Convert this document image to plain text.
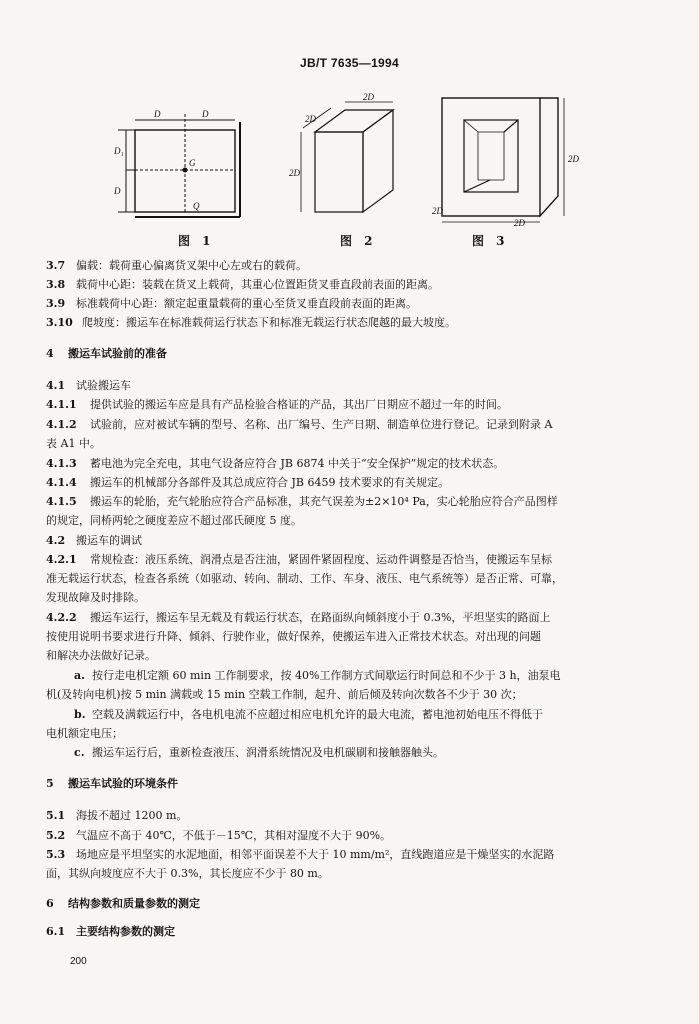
JB/T 7635—1994
D	D
D₁
D
G
Q
2D
2D
2D
2D
2D
2D
图 1	图 2	图 3
3.7 偏载：载荷重心偏离货叉架中心左或右的载荷。
3.8 载荷中心距：装载在货叉上载荷，其重心位置距货叉垂直段前表面的距离。
3.9 标准载荷中心距：额定起重量载荷的重心至货叉垂直段前表面的距离。
3.10 爬坡度：搬运车在标准载荷运行状态下和标准无载运行状态爬越的最大坡度。
4 搬运车试验前的准备
4.1 试验搬运车
4.1.1 提供试验的搬运车应是具有产品检验合格证的产品，其出厂日期应不超过一年的时间。
4.1.2 试验前，应对被试车辆的型号、名称、出厂编号、生产日期、制造单位进行登记。记录到附录 A
表 A1 中。
4.1.3 蓄电池为完全充电，其电气设备应符合 JB 6874 中关于“安全保护”规定的技术状态。
4.1.4 搬运车的机械部分各部件及其总成应符合 JB 6459 技术要求的有关规定。
4.1.5 搬运车的轮胎，充气轮胎应符合产品标准，其充气误差为±2×10⁴ Pa，实心轮胎应符合产品图样
的规定，同桥两轮之硬度差应不超过邵氏硬度 5 度。
4.2 搬运车的调试
4.2.1 常规检查：液压系统、润滑点是否注油，紧固件紧固程度、运动件调整是否恰当，使搬运车呈标
准无载运行状态，检查各系统（如驱动、转向、制动、工作、车身、液压、电气系统等）是否正常、可靠，
发现故障及时排除。
4.2.2 搬运车运行，搬运车呈无载及有载运行状态，在路面纵向倾斜度小于 0.3%，平坦坚实的路面上
按使用说明书要求进行升降、倾斜、行驶作业，做好保养，使搬运车进入正常技术状态。对出现的问题
和解决办法做好记录。
a. 按行走电机定额 60 min 工作制要求，按 40%工作制方式间歇运行时间总和不少于 3 h，油泵电
机(及转向电机)按 5 min 满载或 15 min 空载工作制，起升、前后倾及转向次数各不少于 30 次；
b. 空载及满载运行中，各电机电流不应超过相应电机允许的最大电流，蓄电池初始电压不得低于
电机额定电压；
c. 搬运车运行后，重新检查液压、润滑系统情况及电机碳刷和接触器触头。
5 搬运车试验的环境条件
5.1 海拔不超过 1200 m。
5.2 气温应不高于 40℃，不低于－15℃，其相对湿度不大于 90%。
5.3 场地应是平坦坚实的水泥地面，相邻平面误差不大于 10 mm/m²，直线跑道应是干燥坚实的水泥路
面，其纵向坡度应不大于 0.3%，其长度应不少于 80 m。
6 结构参数和质量参数的测定
6.1 主要结构参数的测定
200
